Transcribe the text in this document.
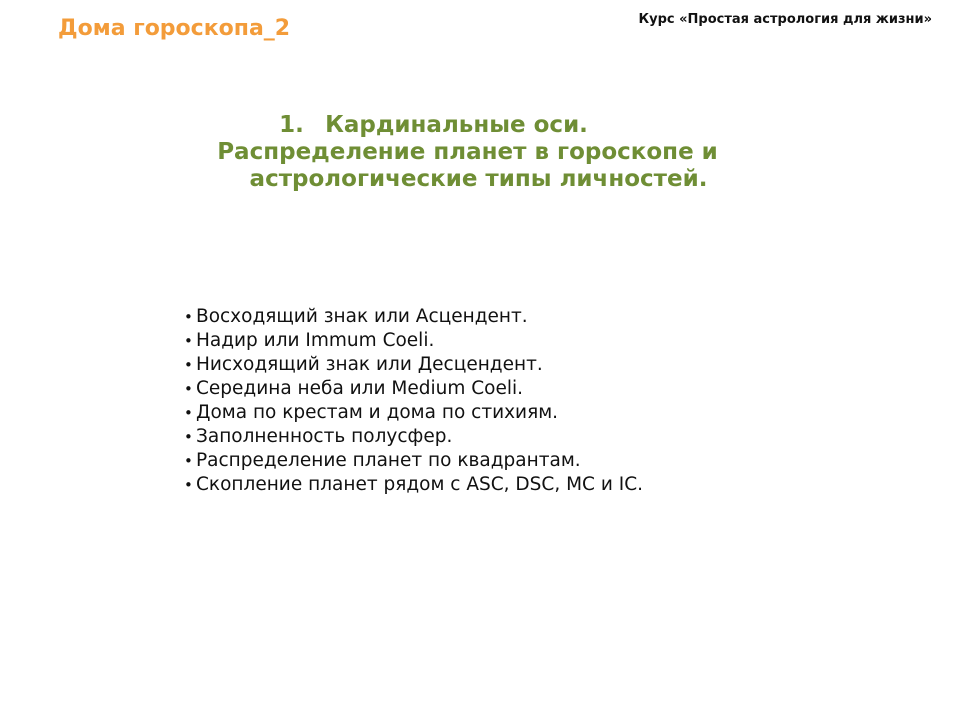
Дома гороскопа_2	Курс «Простая астрология для жизни»
1. Кардинальные оси.
Распределение планет в гороскопе и
астрологические типы личностей.
• Восходящий знак или Асцендент.
• Надир или Immum Coeli.
• Нисходящий знак или Десцендент.
• Середина неба или Medium Coeli.
• Дома по крестам и дома по стихиям.
• Заполненность полусфер.
• Распределение планет по квадрантам.
• Скопление планет рядом с ASC, DSC, MC и IC.
